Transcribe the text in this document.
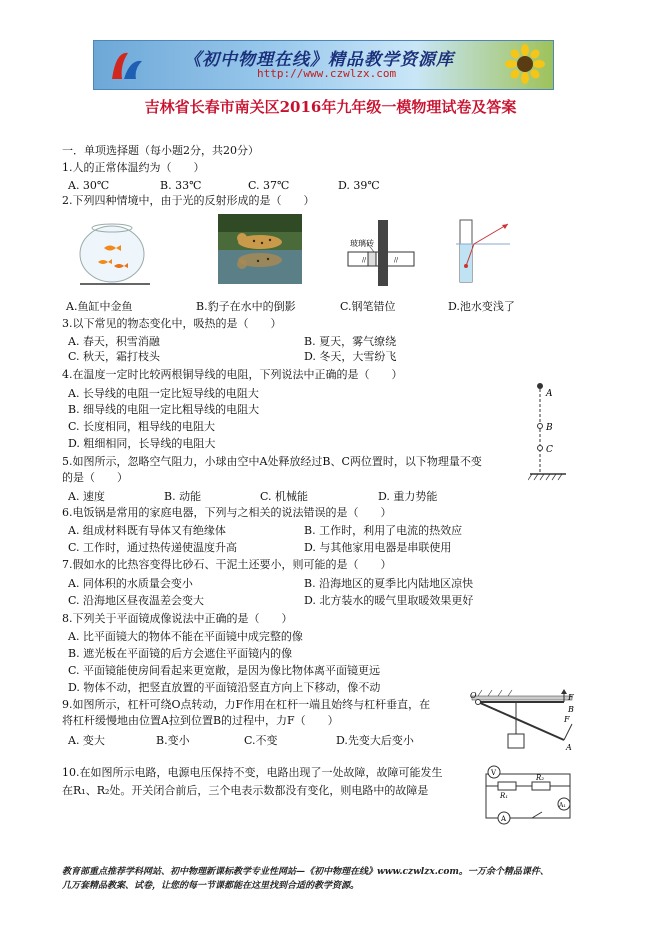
《初中物理在线》精品教学资源库
http://www.czwlzx.com
吉林省长春市南关区2016年九年级一模物理试卷及答案
一．单项选择题（每小题2分，共20分）
1.人的正常体温约为（　　）
A. 30℃	B. 33℃	C. 37℃	D. 39℃
2.下列四种情境中，由于光的反射形成的是（　　）
玻璃砖
//	//
A.鱼缸中金鱼	B.豹子在水中的倒影	C.钢笔错位	D.池水变浅了
3.以下常见的物态变化中，吸热的是（　　）
A. 春天，积雪消融	B. 夏天，雾气缭绕
C. 秋天，霜打枝头	D. 冬天，大雪纷飞
4.在温度一定时比较两根铜导线的电阻，下列说法中正确的是（　　）
A. 长导线的电阻一定比短导线的电阻大
B. 细导线的电阻一定比粗导线的电阻大
C. 长度相同，粗导线的电阻大
D. 粗细相同，长导线的电阻大
A
B
C
5.如图所示，忽略空气阻力，小球由空中A处释放经过B、C两位置时，以下物理量不变
的是（　　）
A. 速度	B. 动能	C. 机械能	D. 重力势能
6.电饭锅是常用的家庭电器，下列与之相关的说法错误的是（　　）
A. 组成材料既有导体又有绝缘体	B. 工作时，利用了电流的热效应
C. 工作时，通过热传递使温度升高	D. 与其他家用电器是串联使用
7.假如水的比热容变得比砂石、干泥土还要小，则可能的是（　　）
A. 同体积的水质量会变小	B. 沿海地区的夏季比内陆地区凉快
C. 沿海地区昼夜温差会变大	D. 北方装水的暖气里取暖效果更好
8.下列关于平面镜成像说法中正确的是（　　）
A. 比平面镜大的物体不能在平面镜中成完整的像
B. 遮光板在平面镜的后方会遮住平面镜内的像
C. 平面镜能使房间看起来更宽敞，是因为像比物体离平面镜更远
D. 物体不动，把竖直放置的平面镜沿竖直方向上下移动，像不动
9.如图所示，杠杆可绕O点转动，力F作用在杠杆一端且始终与杠杆垂直，在
将杠杆缓慢地由位置A拉到位置B的过程中，力F（　　）
A. 变大	B.变小	C.不变	D.先变大后变小
O	F
B
F
A
10.在如图所示电路，电源电压保持不变，电路出现了一处故障，故障可能发生
在R₁、R₂处。开关闭合前后，三个电表示数都没有变化，则电路中的故障是
V
R₁
R₂
A₁
A
教育部重点推荐学科网站、初中物理新课标教学专业性网站—《初中物理在线》www.czwlzx.com。一万余个精品课件、
几万套精品教案、试卷，让您的每一节课都能在这里找到合适的教学资源。
